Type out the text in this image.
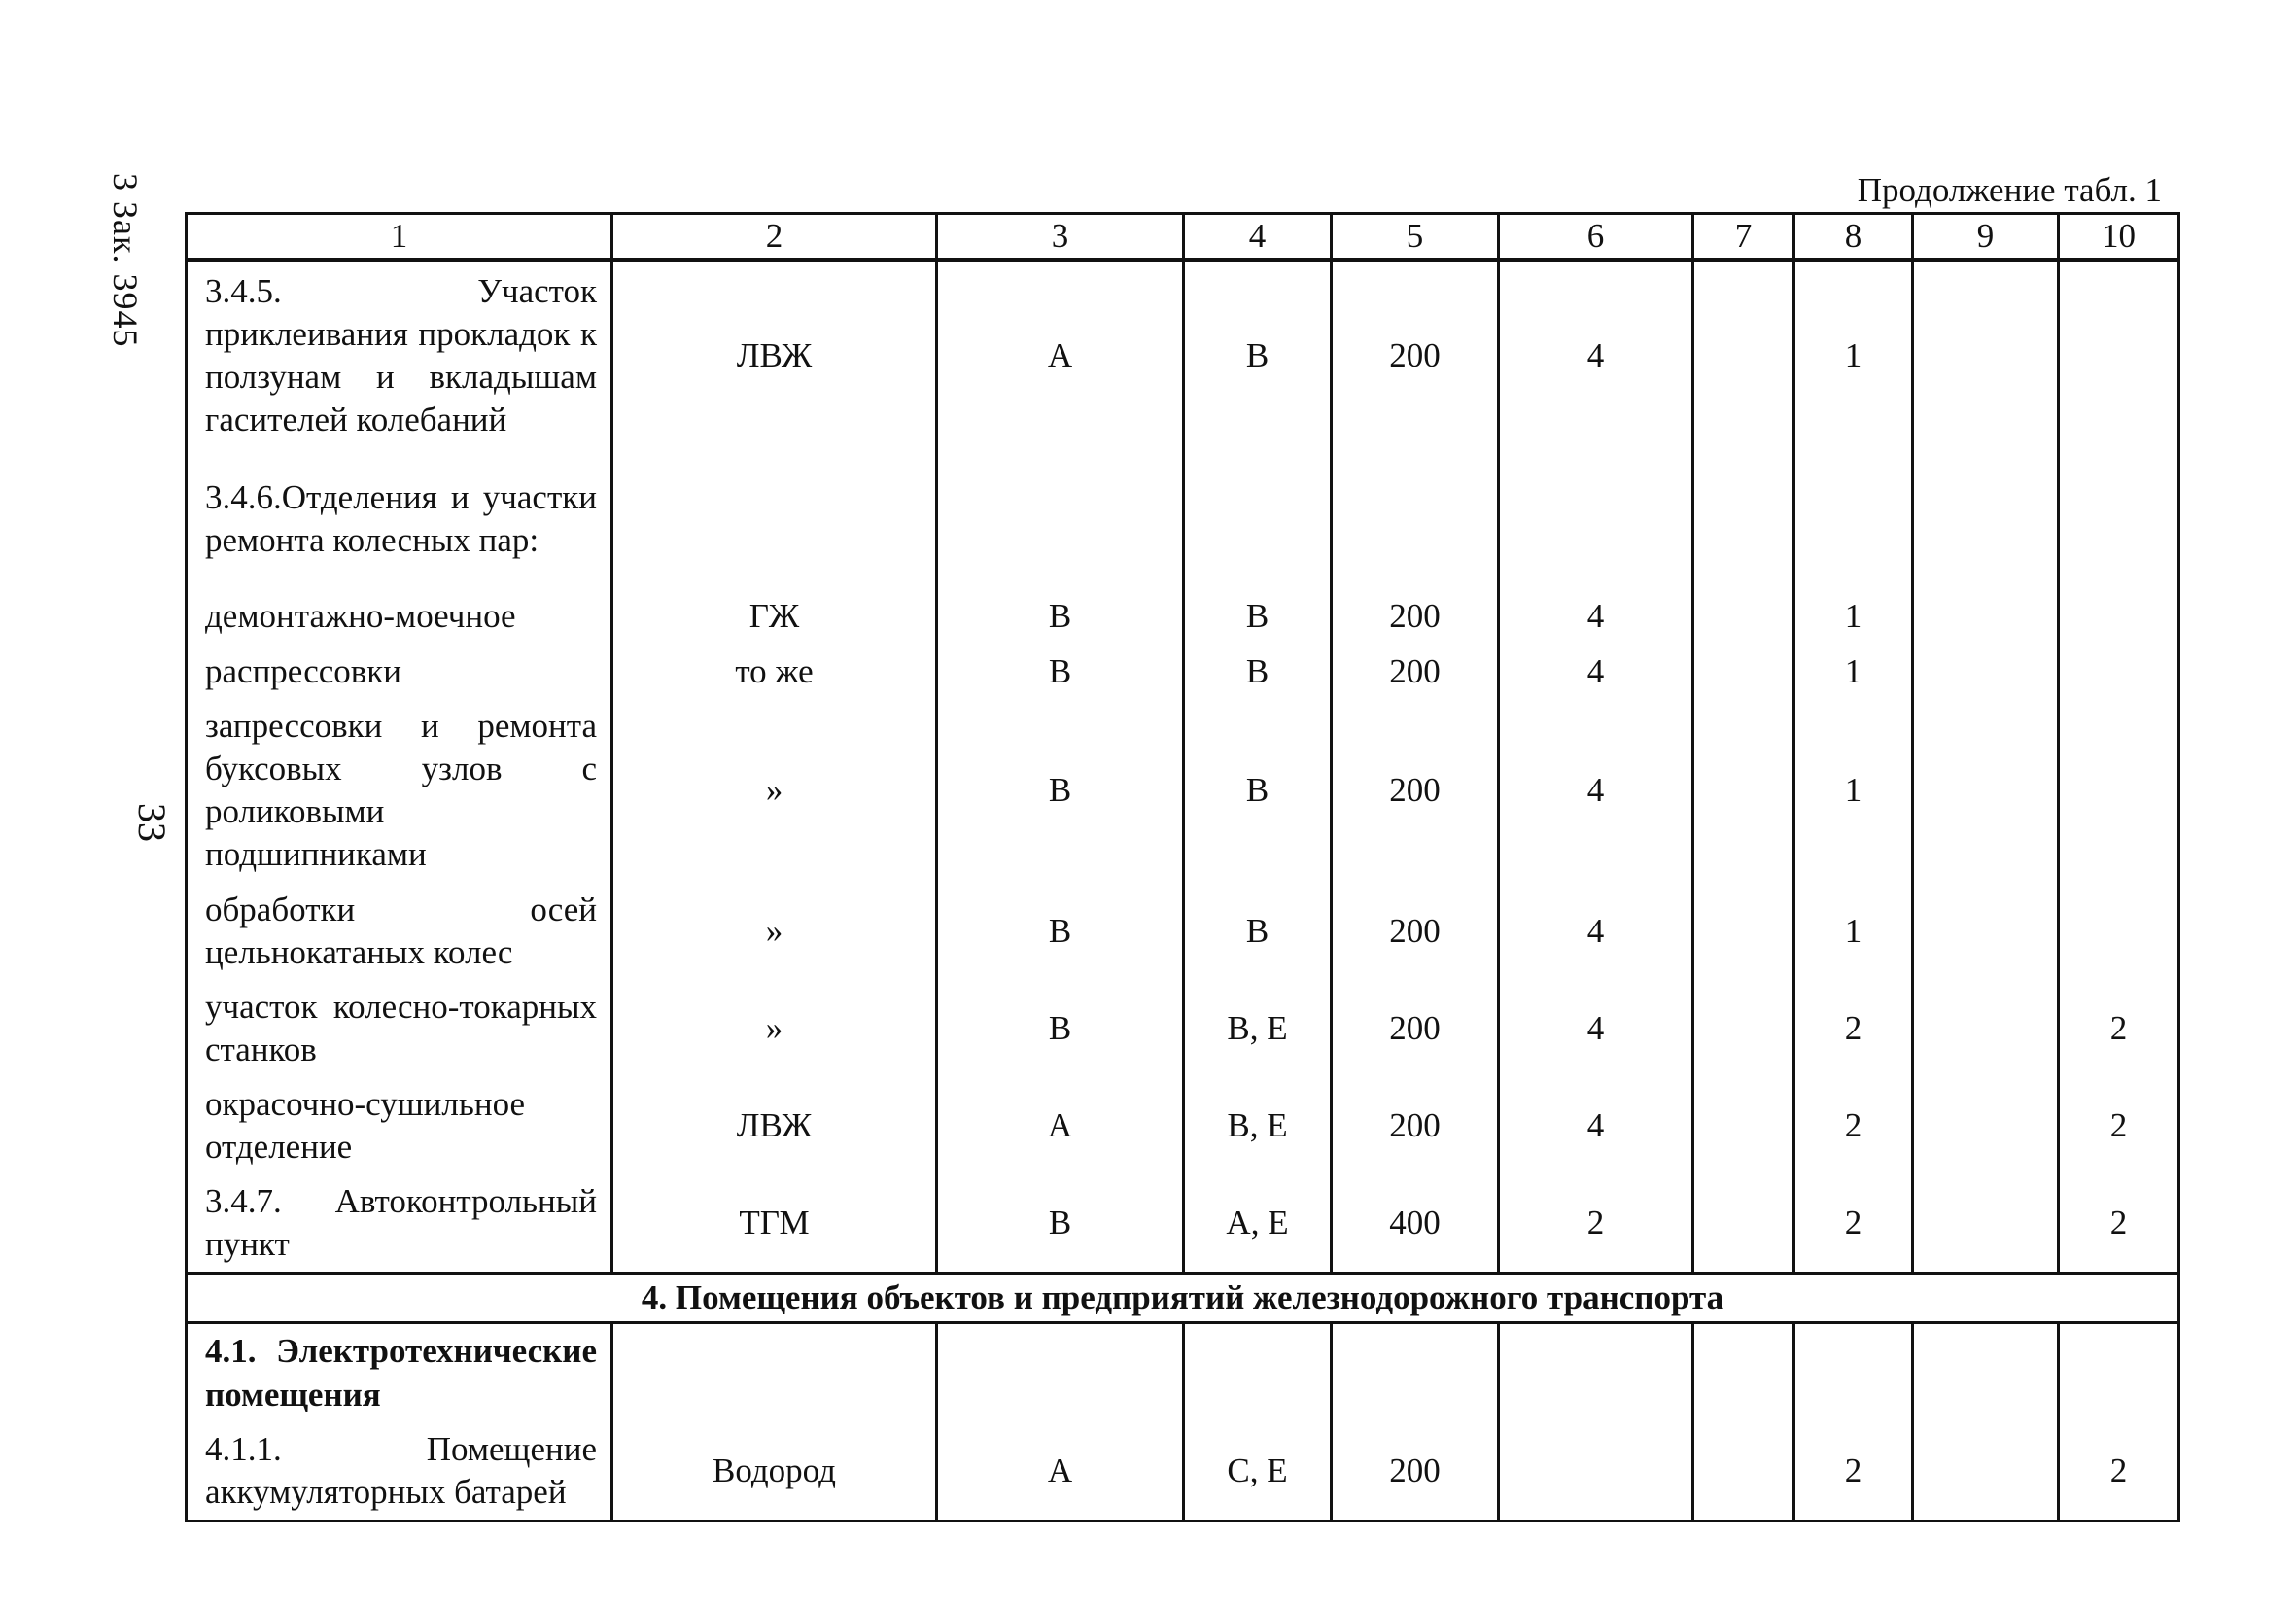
3 Зак. 3945
33
Продолжение табл. 1
1	2	3	4	5	6	7	8	9	10
3.4.5. Участок приклеивания прокладок к ползунам и вкладышам гасителей колебаний	ЛВЖ	А	В	200	4		1		
3.4.6.Отделения и участки ремонта колесных пар:									
демонтажно-моечное	ГЖ	В	В	200	4		1		
распрессовки	то же	В	В	200	4		1		
запрессовки и ремонта буксовых узлов с роликовыми подшипниками	»	В	В	200	4		1		
обработки осей цельнокатаных колес	»	В	В	200	4		1		
участок колесно-токарных станков	»	В	В, Е	200	4		2		2
окрасочно-сушильное отделение	ЛВЖ	А	В, Е	200	4		2		2
3.4.7. Автоконтрольный пункт	ТГМ	В	А, Е	400	2		2		2
4. Помещения объектов и предприятий железнодорожного транспорта									
4.1. Электротехнические помещения									
4.1.1. Помещение аккумуляторных батарей	Водород	А	С, Е	200			2		2
